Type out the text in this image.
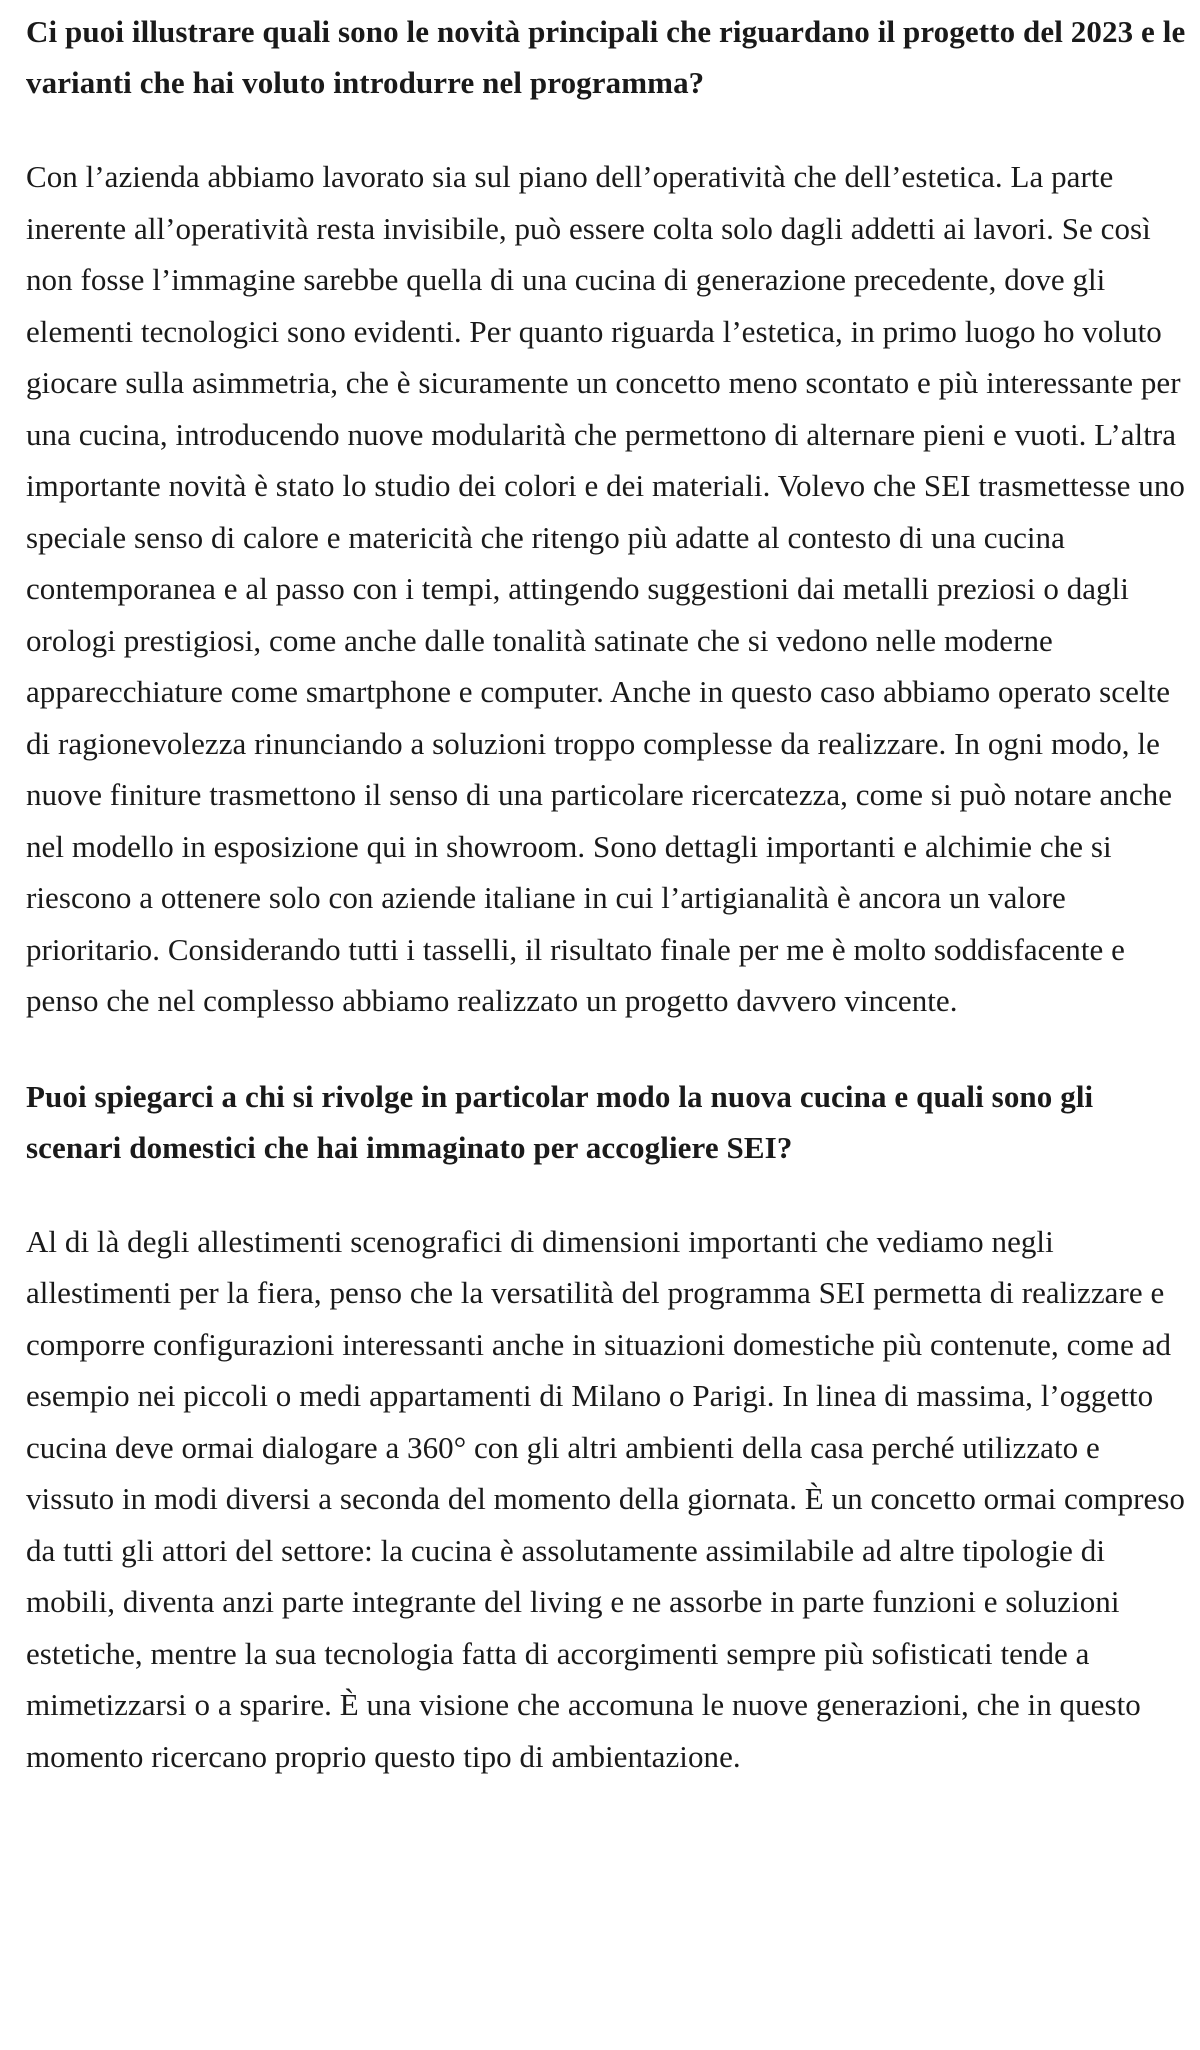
Ci puoi illustrare quali sono le novità principali che riguardano il progetto del 2023 e le varianti che hai voluto introdurre nel programma?

Con l’azienda abbiamo lavorato sia sul piano dell’operatività che dell’estetica. La parte inerente all’operatività resta invisibile, può essere colta solo dagli addetti ai lavori. Se così non fosse l’immagine sarebbe quella di una cucina di generazione precedente, dove gli elementi tecnologici sono evidenti. Per quanto riguarda l’estetica, in primo luogo ho voluto giocare sulla asimmetria, che è sicuramente un concetto meno scontato e più interessante per una cucina, introducendo nuove modularità che permettono di alternare pieni e vuoti. L’altra importante novità è stato lo studio dei colori e dei materiali. Volevo che SEI trasmettesse uno speciale senso di calore e matericità che ritengo più adatte al contesto di una cucina contemporanea e al passo con i tempi, attingendo suggestioni dai metalli preziosi o dagli orologi prestigiosi, come anche dalle tonalità satinate che si vedono nelle moderne apparecchiature come smartphone e computer. Anche in questo caso abbiamo operato scelte di ragionevolezza rinunciando a soluzioni troppo complesse da realizzare. In ogni modo, le nuove finiture trasmettono il senso di una particolare ricercatezza, come si può notare anche nel modello in esposizione qui in showroom. Sono dettagli importanti e alchimie che si riescono a ottenere solo con aziende italiane in cui l’artigianalità è ancora un valore prioritario. Considerando tutti i tasselli, il risultato finale per me è molto soddisfacente e penso che nel complesso abbiamo realizzato un progetto davvero vincente.

Puoi spiegarci a chi si rivolge in particolar modo la nuova cucina e quali sono gli scenari domestici che hai immaginato per accogliere SEI?

Al di là degli allestimenti scenografici di dimensioni importanti che vediamo negli allestimenti per la fiera, penso che la versatilità del programma SEI permetta di realizzare e comporre configurazioni interessanti anche in situazioni domestiche più contenute, come ad esempio nei piccoli o medi appartamenti di Milano o Parigi. In linea di massima, l’oggetto cucina deve ormai dialogare a 360° con gli altri ambienti della casa perché utilizzato e vissuto in modi diversi a seconda del momento della giornata. È un concetto ormai compreso da tutti gli attori del settore: la cucina è assolutamente assimilabile ad altre tipologie di mobili, diventa anzi parte integrante del living e ne assorbe in parte funzioni e soluzioni estetiche, mentre la sua tecnologia fatta di accorgimenti sempre più sofisticati tende a mimetizzarsi o a sparire. È una visione che accomuna le nuove generazioni, che in questo momento ricercano proprio questo tipo di ambientazione.
